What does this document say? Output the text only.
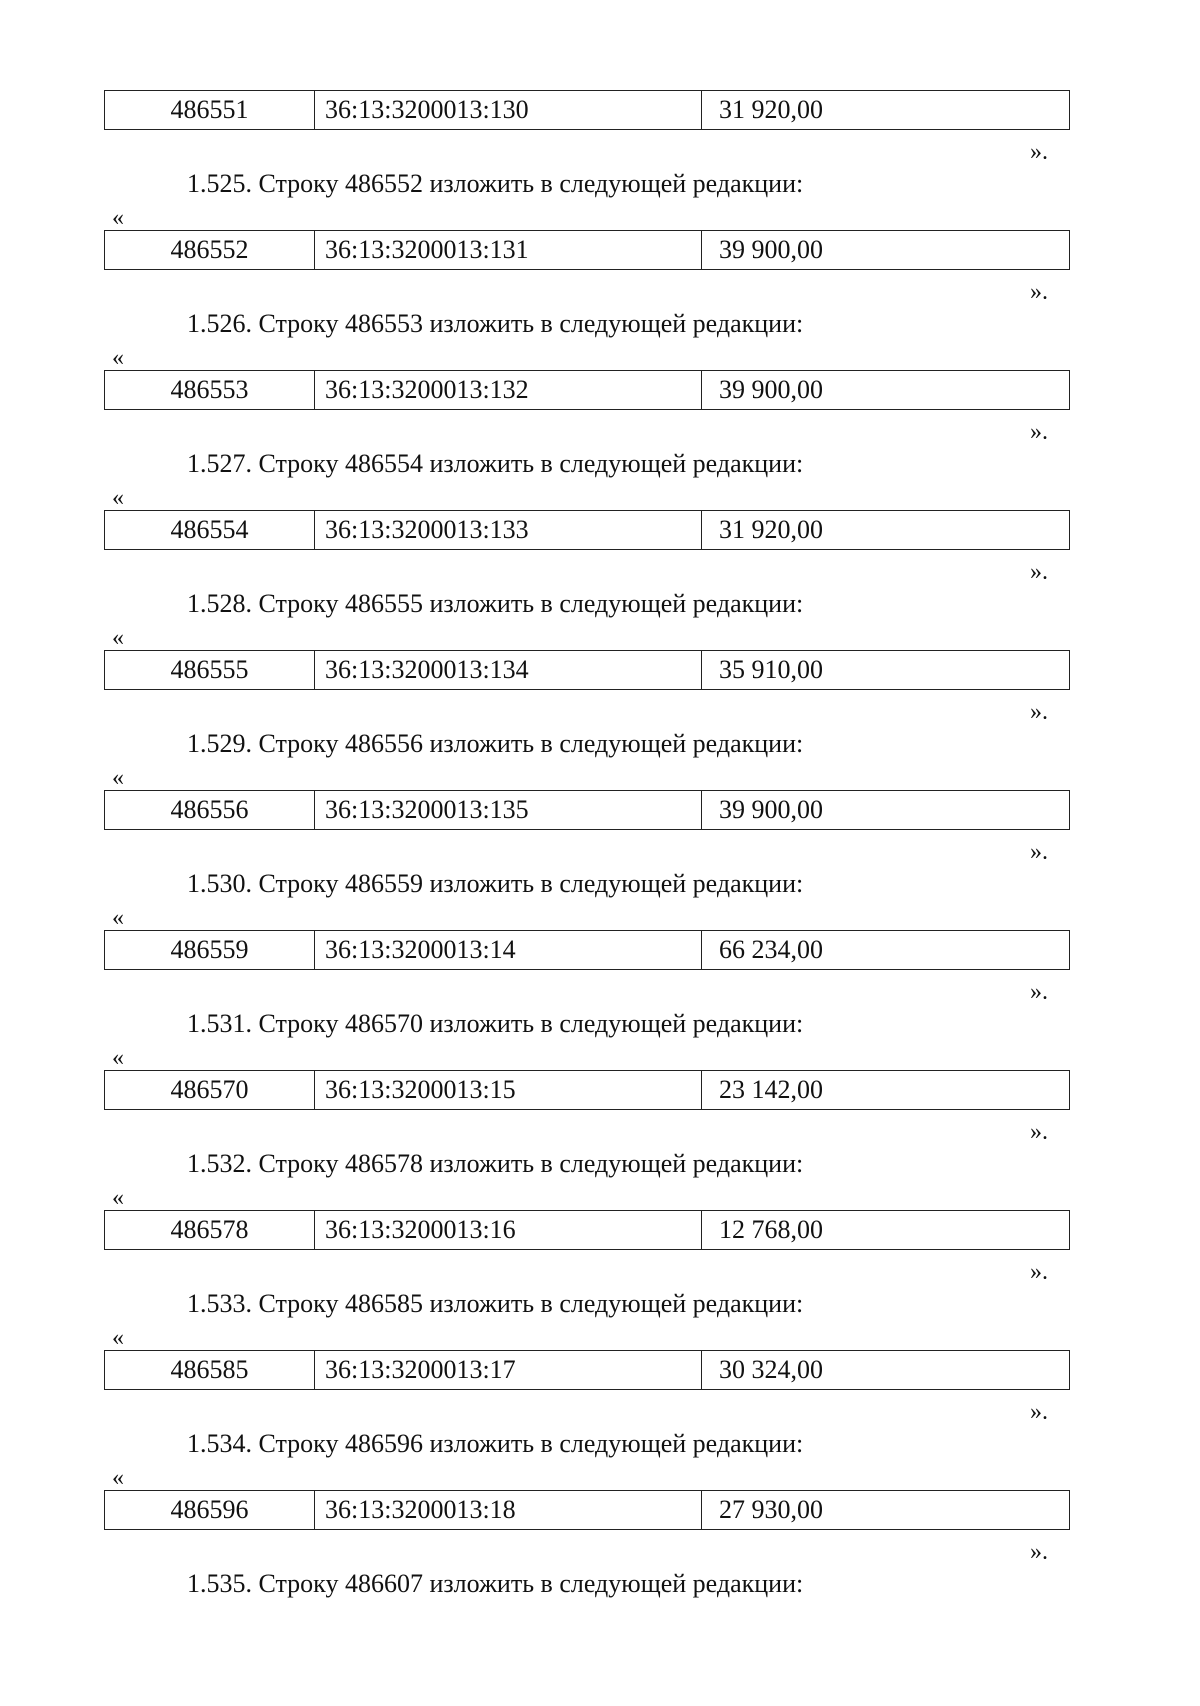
486551	36:13:3200013:130	31 920,00
».
1.525. Строку 486552 изложить в следующей редакции:
«
486552	36:13:3200013:131	39 900,00
».
1.526. Строку 486553 изложить в следующей редакции:
«
486553	36:13:3200013:132	39 900,00
».
1.527. Строку 486554 изложить в следующей редакции:
«
486554	36:13:3200013:133	31 920,00
».
1.528. Строку 486555 изложить в следующей редакции:
«
486555	36:13:3200013:134	35 910,00
».
1.529. Строку 486556 изложить в следующей редакции:
«
486556	36:13:3200013:135	39 900,00
».
1.530. Строку 486559 изложить в следующей редакции:
«
486559	36:13:3200013:14	66 234,00
».
1.531. Строку 486570 изложить в следующей редакции:
«
486570	36:13:3200013:15	23 142,00
».
1.532. Строку 486578 изложить в следующей редакции:
«
486578	36:13:3200013:16	12 768,00
».
1.533. Строку 486585 изложить в следующей редакции:
«
486585	36:13:3200013:17	30 324,00
».
1.534. Строку 486596 изложить в следующей редакции:
«
486596	36:13:3200013:18	27 930,00
».
1.535. Строку 486607 изложить в следующей редакции:
